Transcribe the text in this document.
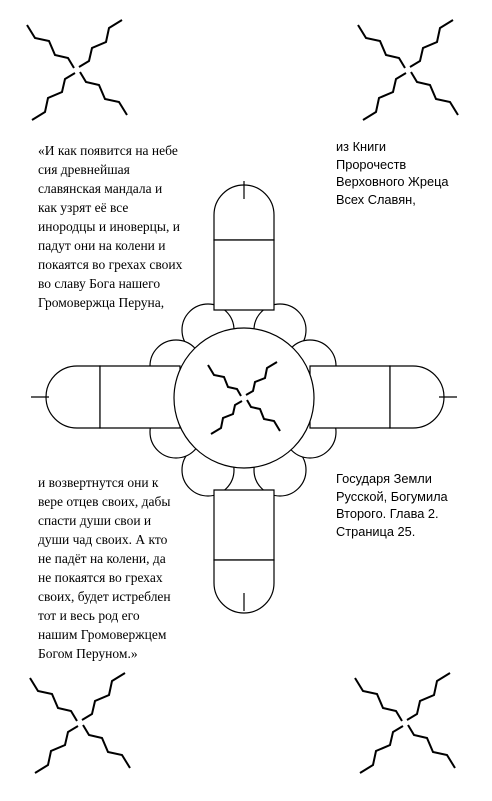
«И как появится на небе
сия древнейшая
славянская мандала и
как узрят её все
инородцы и иноверцы, и
падут они на колени и
покаятся во грехах своих
во славу Бога нашего
Громовержца Перуна,
и возвертнутся они к
вере отцев своих, дабы
спасти души свои и
души чад своих. А кто
не падёт на колени, да
не покаятся во грехах
своих, будет истреблен
тот и весь род его
нашим Громовержцем
Богом Перуном.»
из Книги
Пророчеств
Верховного Жреца
Всех Славян,
Государя Земли
Русской, Богумила
Второго. Глава 2.
Страница 25.
